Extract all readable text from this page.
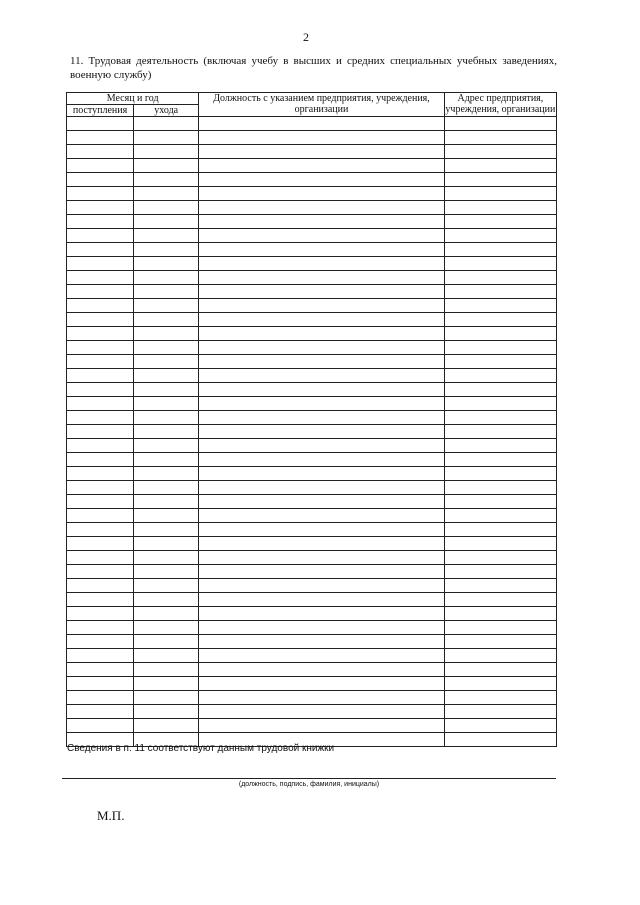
2
11. Трудовая деятельность (включая учебу в высших и средних специальных учебных заведениях,
военную службу)
Месяц и год		Должность с указанием предприятия, учреждения, организации	Адрес предприятия, учреждения, организации
поступления	ухода		

Сведения в п. 11 соответствуют данным трудовой книжки
(должность, подпись, фамилия, инициалы)
М.П.
